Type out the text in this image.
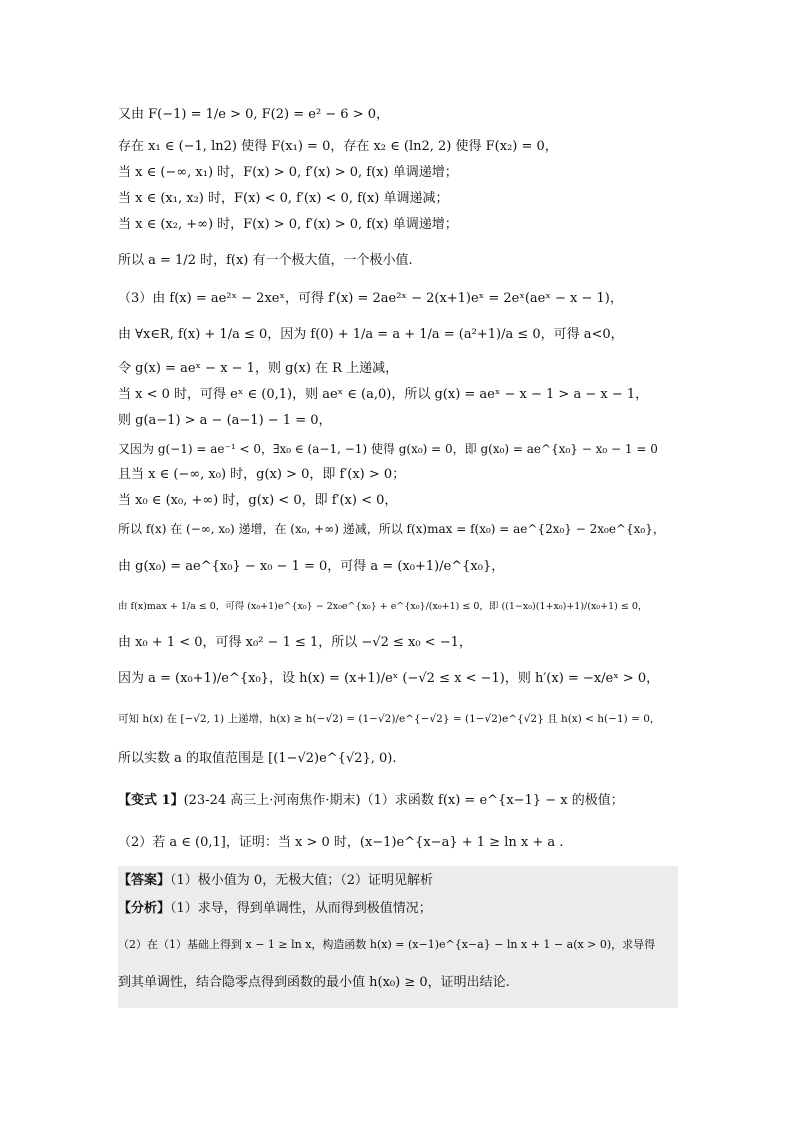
又由 F(−1) = 1/e > 0, F(2) = e² − 6 > 0，
存在 x₁ ∈ (−1, ln2) 使得 F(x₁) = 0，存在 x₂ ∈ (ln2, 2) 使得 F(x₂) = 0，
当 x ∈ (−∞, x₁) 时，F(x) > 0, f′(x) > 0, f(x) 单调递增；
当 x ∈ (x₁, x₂) 时，F(x) < 0, f′(x) < 0, f(x) 单调递减；
当 x ∈ (x₂, +∞) 时，F(x) > 0, f′(x) > 0, f(x) 单调递增；
所以 a = 1/2 时，f(x) 有一个极大值，一个极小值.
（3）由 f(x) = ae²ˣ − 2xeˣ，可得 f′(x) = 2ae²ˣ − 2(x+1)eˣ = 2eˣ(aeˣ − x − 1)，
由 ∀x∈R, f(x) + 1/a ≤ 0，因为 f(0) + 1/a = a + 1/a = (a²+1)/a ≤ 0，可得 a<0，
令 g(x) = aeˣ − x − 1，则 g(x) 在 R 上递减，
当 x < 0 时，可得 eˣ ∈ (0,1)，则 aeˣ ∈ (a,0)，所以 g(x) = aeˣ − x − 1 > a − x − 1，
则 g(a−1) > a − (a−1) − 1 = 0，
又因为 g(−1) = ae⁻¹ < 0，∃x₀ ∈ (a−1, −1) 使得 g(x₀) = 0，即 g(x₀) = ae^{x₀} − x₀ − 1 = 0
且当 x ∈ (−∞, x₀) 时，g(x) > 0，即 f′(x) > 0；
当 x₀ ∈ (x₀, +∞) 时，g(x) < 0，即 f′(x) < 0，
所以 f(x) 在 (−∞, x₀) 递增，在 (x₀, +∞) 递减，所以 f(x)max = f(x₀) = ae^{2x₀} − 2x₀e^{x₀}，
由 g(x₀) = ae^{x₀} − x₀ − 1 = 0，可得 a = (x₀+1)/e^{x₀}，
由 f(x)max + 1/a ≤ 0，可得 (x₀+1)e^{x₀} − 2x₀e^{x₀} + e^{x₀}/(x₀+1) ≤ 0，即 ((1−x₀)(1+x₀)+1)/(x₀+1) ≤ 0，
由 x₀ + 1 < 0，可得 x₀² − 1 ≤ 1，所以 −√2 ≤ x₀ < −1，
因为 a = (x₀+1)/e^{x₀}，设 h(x) = (x+1)/eˣ (−√2 ≤ x < −1)，则 h′(x) = −x/eˣ > 0，
可知 h(x) 在 [−√2, 1) 上递增，h(x) ≥ h(−√2) = (1−√2)/e^{−√2} = (1−√2)e^{√2} 且 h(x) < h(−1) = 0，
所以实数 a 的取值范围是 [(1−√2)e^{√2}, 0).
【变式 1】(23-24 高三上·河南焦作·期末)（1）求函数 f(x) = e^{x−1} − x 的极值；
（2）若 a ∈ (0,1]，证明：当 x > 0 时，(x−1)e^{x−a} + 1 ≥ ln x + a .
【答案】（1）极小值为 0，无极大值；（2）证明见解析
【分析】（1）求导，得到单调性，从而得到极值情况；
（2）在（1）基础上得到 x − 1 ≥ ln x，构造函数 h(x) = (x−1)e^{x−a} − ln x + 1 − a(x > 0)，求导得
到其单调性，结合隐零点得到函数的最小值 h(x₀) ≥ 0，证明出结论.
